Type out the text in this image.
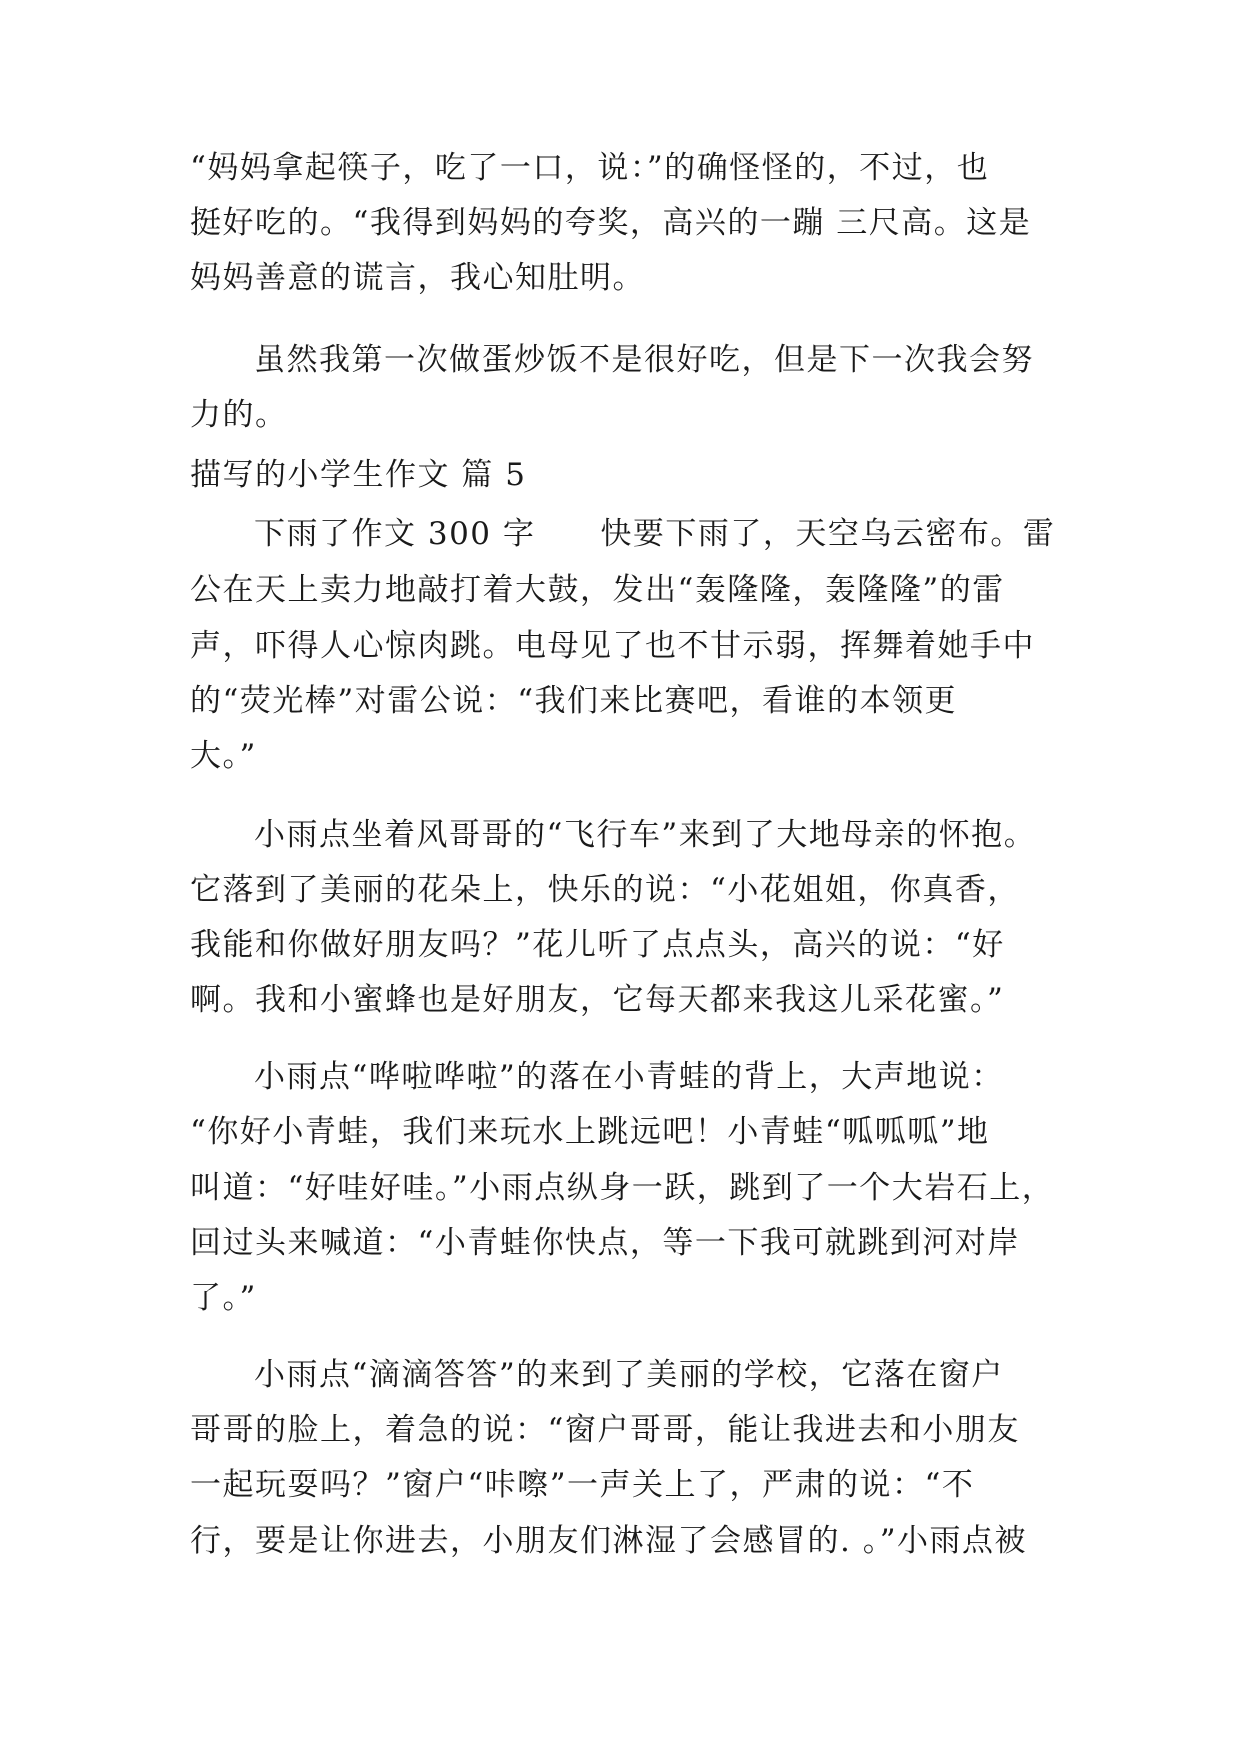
“妈妈拿起筷子，吃了一口，说：”的确怪怪的，不过，也
挺好吃的。“我得到妈妈的夸奖，高兴的一蹦 三尺高。这是
妈妈善意的谎言，我心知肚明。
虽然我第一次做蛋炒饭不是很好吃，但是下一次我会努
力的。
描写的小学生作文 篇 5
下雨了作文 300 字　　快要下雨了，天空乌云密布。雷
公在天上卖力地敲打着大鼓，发出“轰隆隆，轰隆隆”的雷
声，吓得人心惊肉跳。电母见了也不甘示弱，挥舞着她手中
的“荧光棒”对雷公说：“我们来比赛吧，看谁的本领更
大。”
小雨点坐着风哥哥的“飞行车”来到了大地母亲的怀抱。
它落到了美丽的花朵上，快乐的说：“小花姐姐，你真香，
我能和你做好朋友吗？”花儿听了点点头，高兴的说：“好
啊。我和小蜜蜂也是好朋友，它每天都来我这儿采花蜜。”
小雨点“哗啦哗啦”的落在小青蛙的背上，大声地说：
“你好小青蛙，我们来玩水上跳远吧！小青蛙“呱呱呱”地
叫道：“好哇好哇。”小雨点纵身一跃，跳到了一个大岩石上，
回过头来喊道：“小青蛙你快点，等一下我可就跳到河对岸
了。”
小雨点“滴滴答答”的来到了美丽的学校，它落在窗户
哥哥的脸上，着急的说：“窗户哥哥，能让我进去和小朋友
一起玩耍吗？”窗户“咔嚓”一声关上了，严肃的说：“不
行，要是让你进去，小朋友们淋湿了会感冒的. 。”小雨点被
